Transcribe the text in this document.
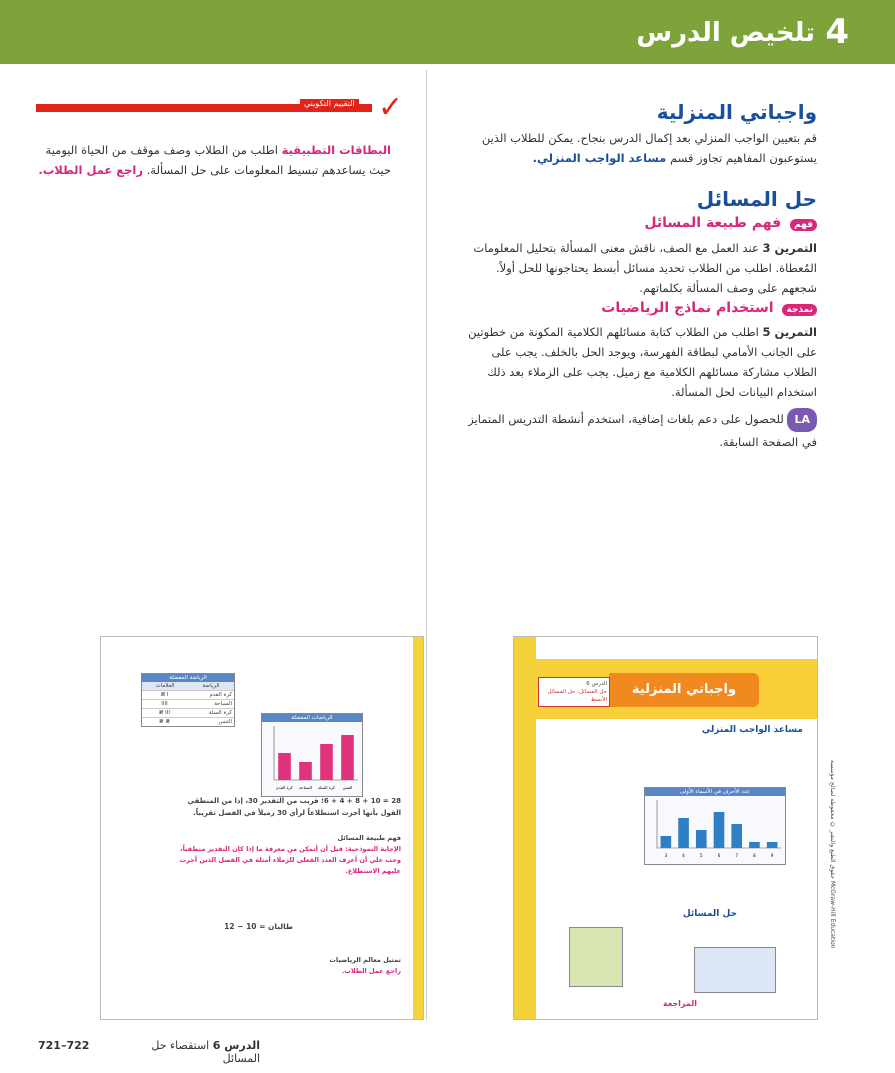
تلخيص الدرس 4
واجباتي المنزلية
قم بتعيين الواجب المنزلي بعد إكمال الدرس بنجاح. يمكن للطلاب الذين يستوعبون المفاهيم تجاوز قسم مساعد الواجب المنزلي.
حل المسائل
فهم فهم طبيعة المسائل
التمرين 3 عند العمل مع الصف، ناقش معنى المسألة بتحليل المعلومات المُعطاة. اطلب من الطلاب تحديد مسائل أبسط يحتاجونها للحل أولاً. شجعهم على وصف المسألة بكلماتهم.
نمذجة استخدام نماذج الرياضيات
التمرين 5 اطلب من الطلاب كتابة مسائلهم الكلامية المكونة من خطوتين على الجانب الأمامي لبطاقة الفهرسة، ويوجد الحل بالخلف. يجب على الطلاب مشاركة مسائلهم الكلامية مع زميل. يجب على الزملاء بعد ذلك استخدام البيانات لحل المسألة.
LA للحصول على دعم بلغات إضافية، استخدم أنشطة التدريس المتمايز في الصفحة السابقة.
التقييم التكويني ✓
البطاقات التطبيقية اطلب من الطلاب وصف موقف من الحياة اليومية حيث يساعدهم تبسيط المعلومات على حل المسألة. راجع عمل الطلاب.
الرياضة المفضلة
العلامات	الرياضة
𝍸 I	كرة القدم
IIII	السباحة
𝍸 III	كرة السلة
𝍸 𝍸	التنس
الرياضات المفضلة
كرة القدم السباحة كرة السلة التنس
28 = 10 + 8 + 4 + 6؛ قريب من التقدير 30، إذا من المنطقي
القول بأنها أجرت استطلاعاً لرأي 30 زميلاً في الفصل تقريباً.
فهم طبيعة المسائل
الإجابة النموذجية: قبل أن أتمكن من معرفة ما إذا كان التقدير منطقياً،
وجب علي أن أعرف العدد الفعلي للزملاء أمثلة في الفصل الذين أجرت
عليهم الاستطلاع.
طالبان = 10 − 12
تمثيل معالم الرياضيات
راجع عمل الطلاب.
واجباتي المنزلية
الدرس 6
حل المسائل: حل المسائل الأبسط
مساعد الواجب المنزلي
عدد الأحرف في الأسماء الأولى
3	4	5	6	7	8	9
حل المسائل
المراجعة
حقوق الطبع والنشر © محفوظة لصالح مؤسسة McGraw-Hill Education
الدرس 6 استقصاء حل المسائل
721–722
